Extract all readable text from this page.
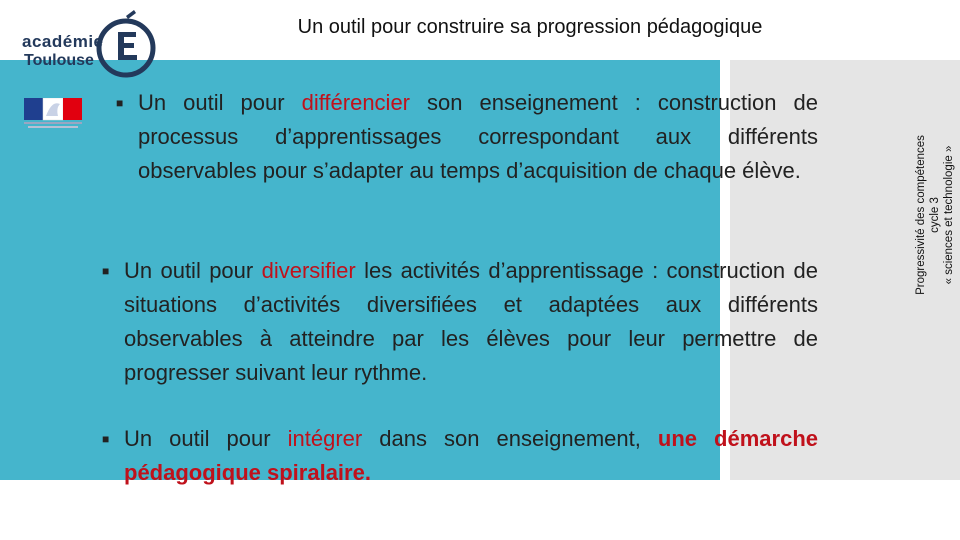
académie
Toulouse
Un outil pour construire sa progression pédagogique
Progressivité des compétences cycle 3 « sciences et technologie »
■ Un outil pour différencier son enseignement : construction de processus d’apprentissages correspondant aux différents observables pour s’adapter au temps d’acquisition de chaque élève.
■ Un outil pour diversifier les activités d’apprentissage : construction de situations d’activités diversifiées et adaptées aux différents observables à atteindre par les élèves pour leur permettre de progresser suivant leur rythme.
■ Un outil pour intégrer dans son enseignement, une démarche pédagogique spiralaire.
